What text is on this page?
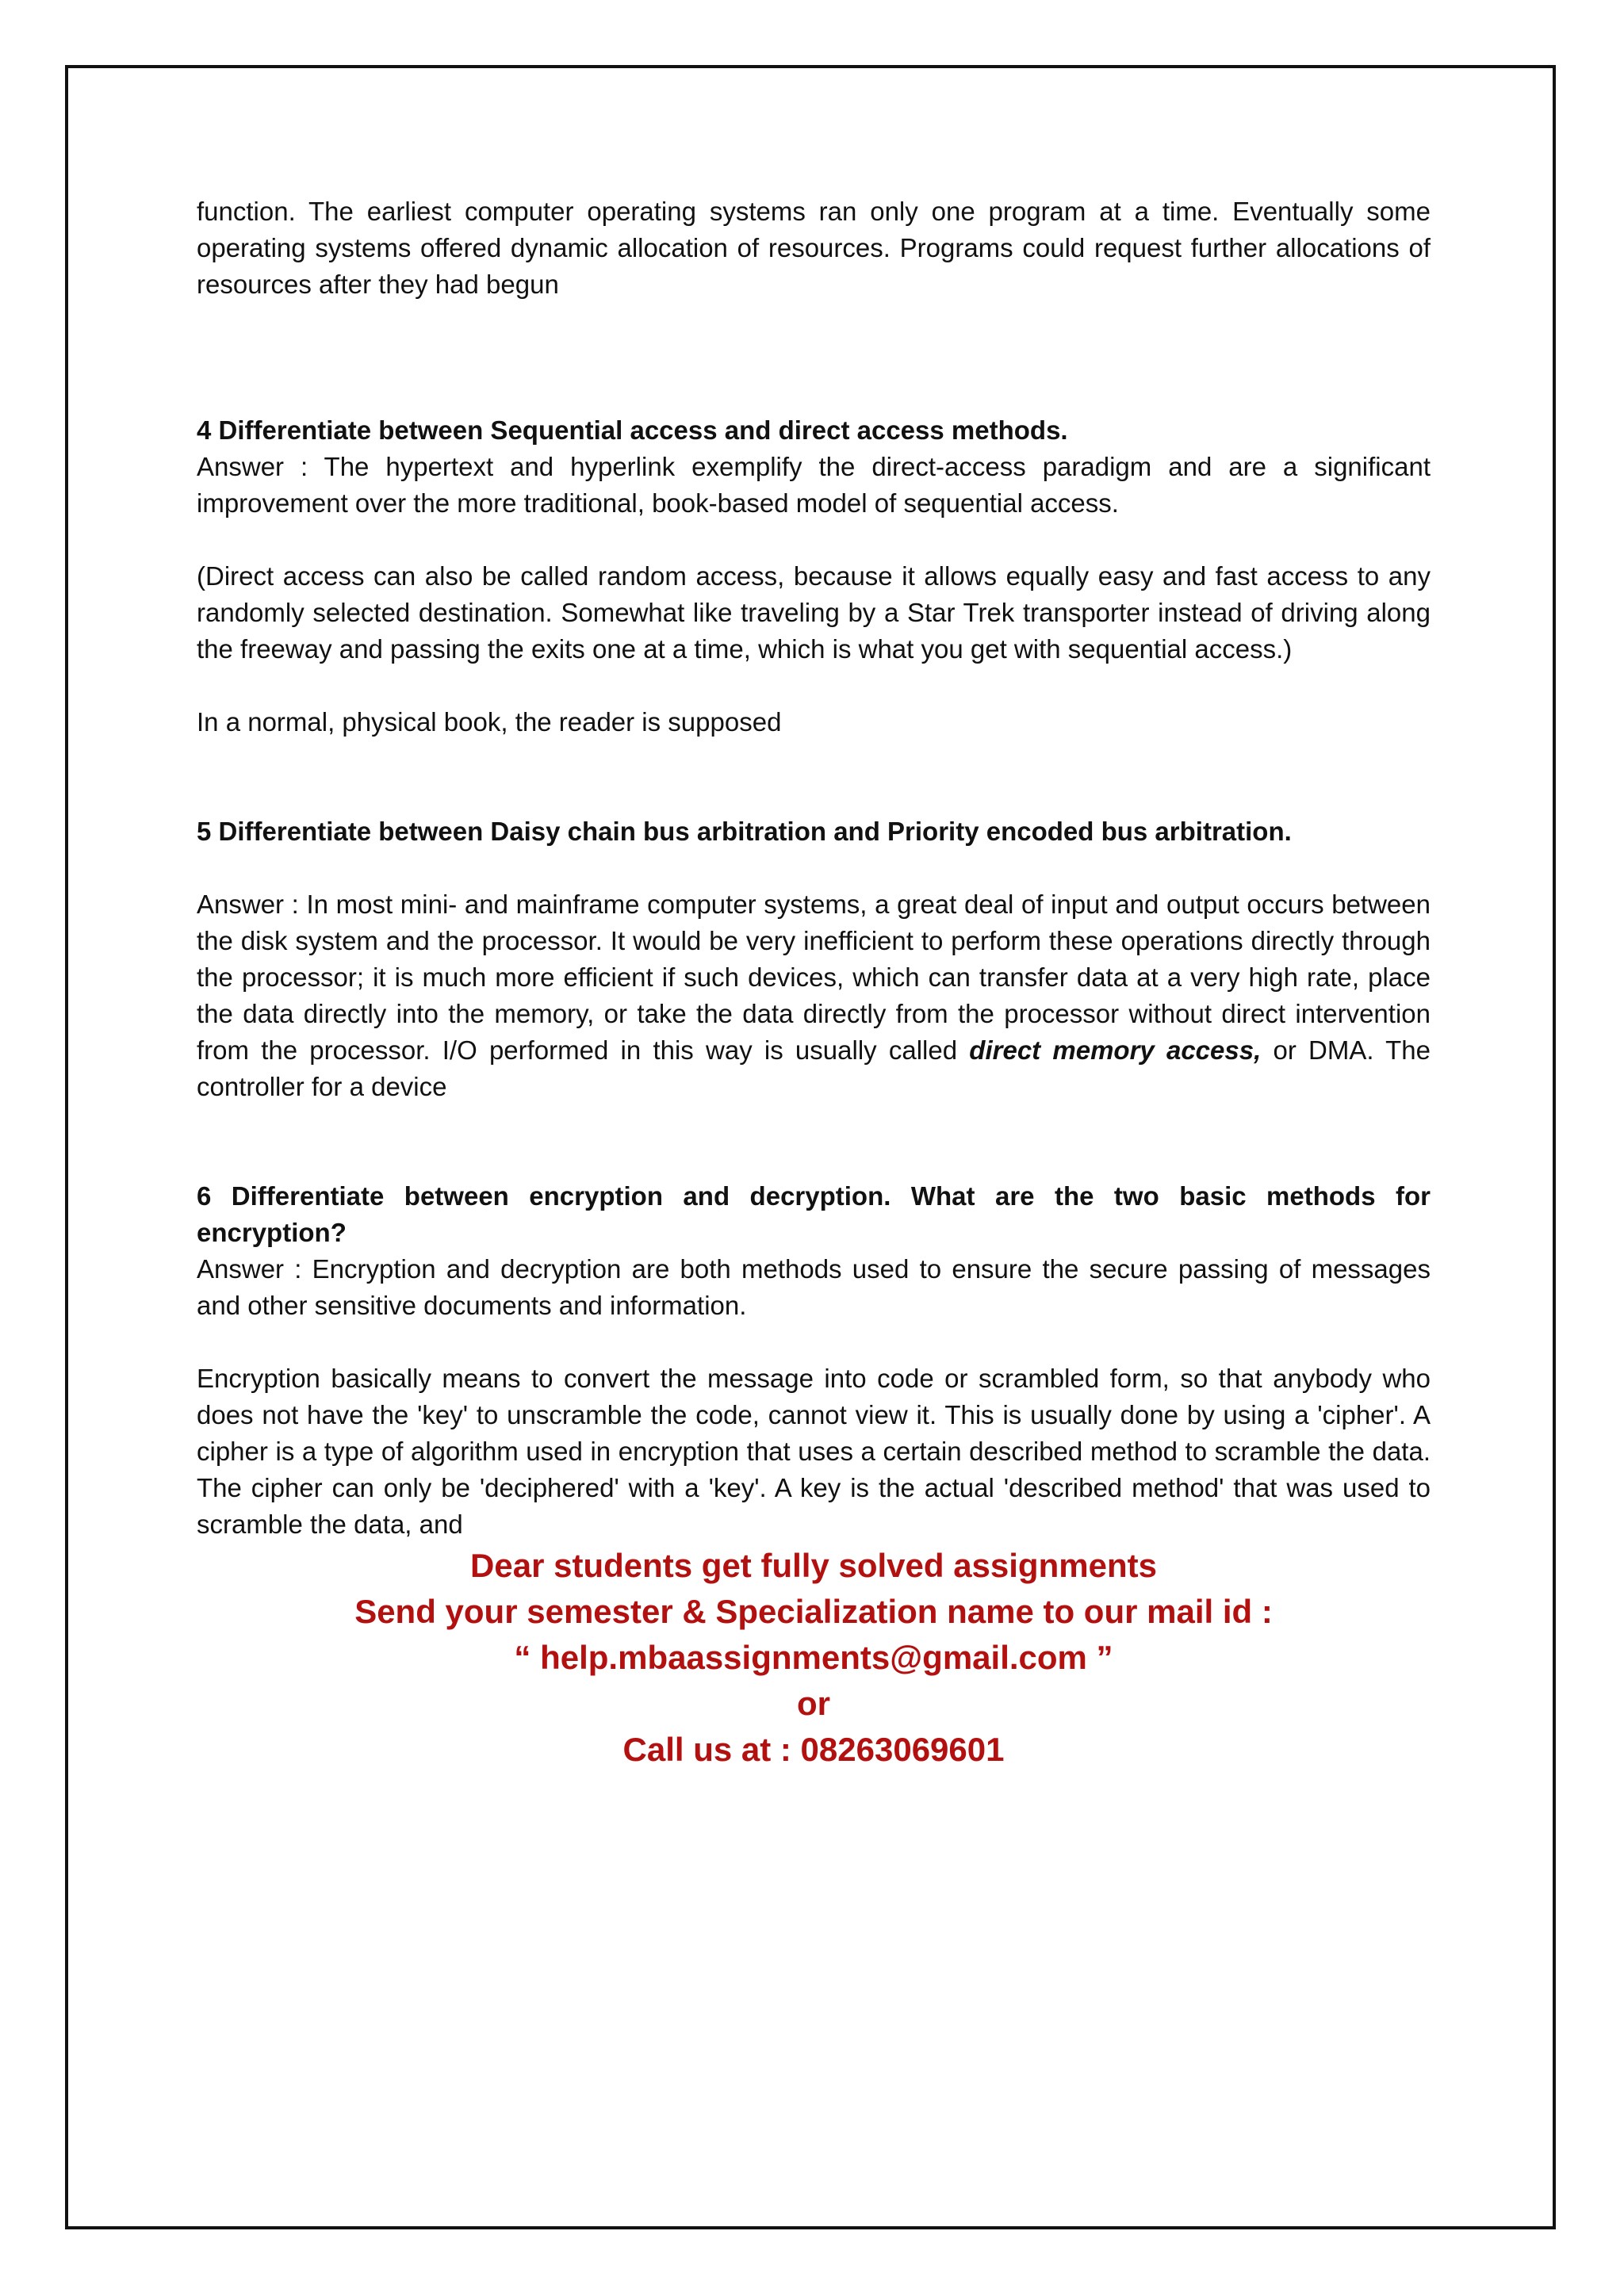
function. The earliest computer operating systems ran only one program at a time. Eventually some operating systems offered dynamic allocation of resources. Programs could request further allocations of resources after they had begun

4 Differentiate between Sequential access and direct access methods.

Answer : The hypertext and hyperlink exemplify the direct-access paradigm and are a significant improvement over the more traditional, book-based model of sequential access.

(Direct access can also be called random access, because it allows equally easy and fast access to any randomly selected destination. Somewhat like traveling by a Star Trek transporter instead of driving along the freeway and passing the exits one at a time, which is what you get with sequential access.)

In a normal, physical book, the reader is supposed

5 Differentiate between Daisy chain bus arbitration and Priority encoded bus arbitration.

Answer : In most mini- and mainframe computer systems, a great deal of input and output occurs between the disk system and the processor. It would be very inefficient to perform these operations directly through the processor; it is much more efficient if such devices, which can transfer data at a very high rate, place the data directly into the memory, or take the data directly from the processor without direct intervention from the processor. I/O performed in this way is usually called direct memory access, or DMA. The controller for a device

6 Differentiate between encryption and decryption. What are the two basic methods for encryption?

Answer : Encryption and decryption are both methods used to ensure the secure passing of messages and other sensitive documents and information.

Encryption basically means to convert the message into code or scrambled form, so that anybody who does not have the 'key' to unscramble the code, cannot view it. This is usually done by using a 'cipher'. A cipher is a type of algorithm used in encryption that uses a certain described method to scramble the data. The cipher can only be 'deciphered' with a 'key'. A key is the actual 'described method' that was used to scramble the data, and

Dear students get fully solved assignments
Send your semester & Specialization name to our mail id :
“ help.mbaassignments@gmail.com ”
or
Call us at : 08263069601
